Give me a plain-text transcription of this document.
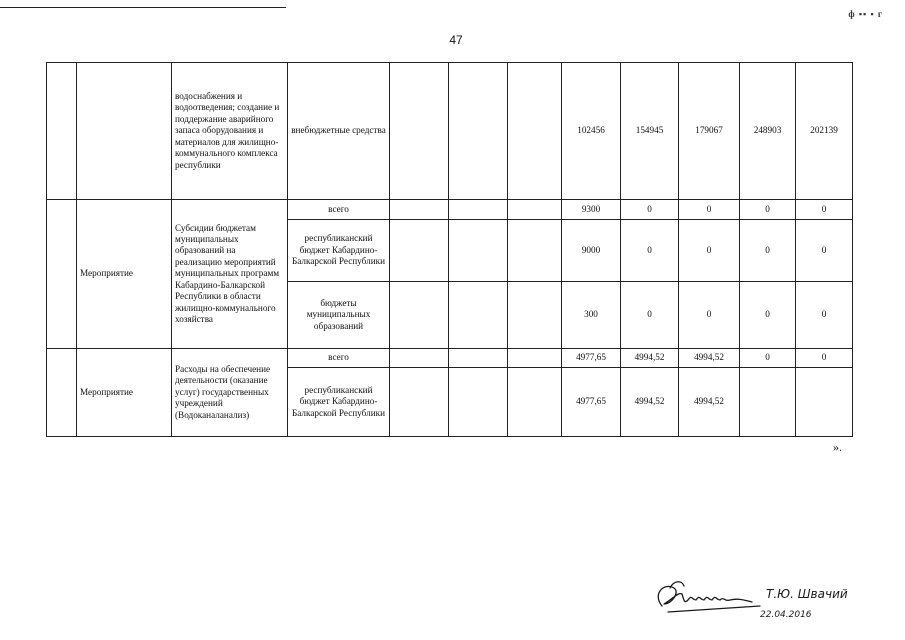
ф ▪▪ ▪ г
47
		водоснабжения и водоотведения; создание и поддержание аварийного запаса оборудования и материалов для жилищно-коммунального комплекса республики	внебюджетные средства				102456	154945	179067	248903	202139
	Мероприятие	Субсидии бюджетам муниципальных образований на реализацию мероприятий муниципальных программ Кабардино-Балкарской Республики в области жилищно-коммунального хозяйства	всего				9300	0	0	0	0
			республиканский бюджет Кабардино-Балкарской Республики				9000	0	0	0	0
			бюджеты муниципальных образований				300	0	0	0	0
	Мероприятие	Расходы на обеспечение деятельности (оказание услуг) государственных учреждений (Водоканаланализ)	всего				4977,65	4994,52	4994,52	0	0
			республиканский бюджет Кабардино-Балкарской Республики				4977,65	4994,52	4994,52		
».
Т.Ю. Швачий
22.04.2016
